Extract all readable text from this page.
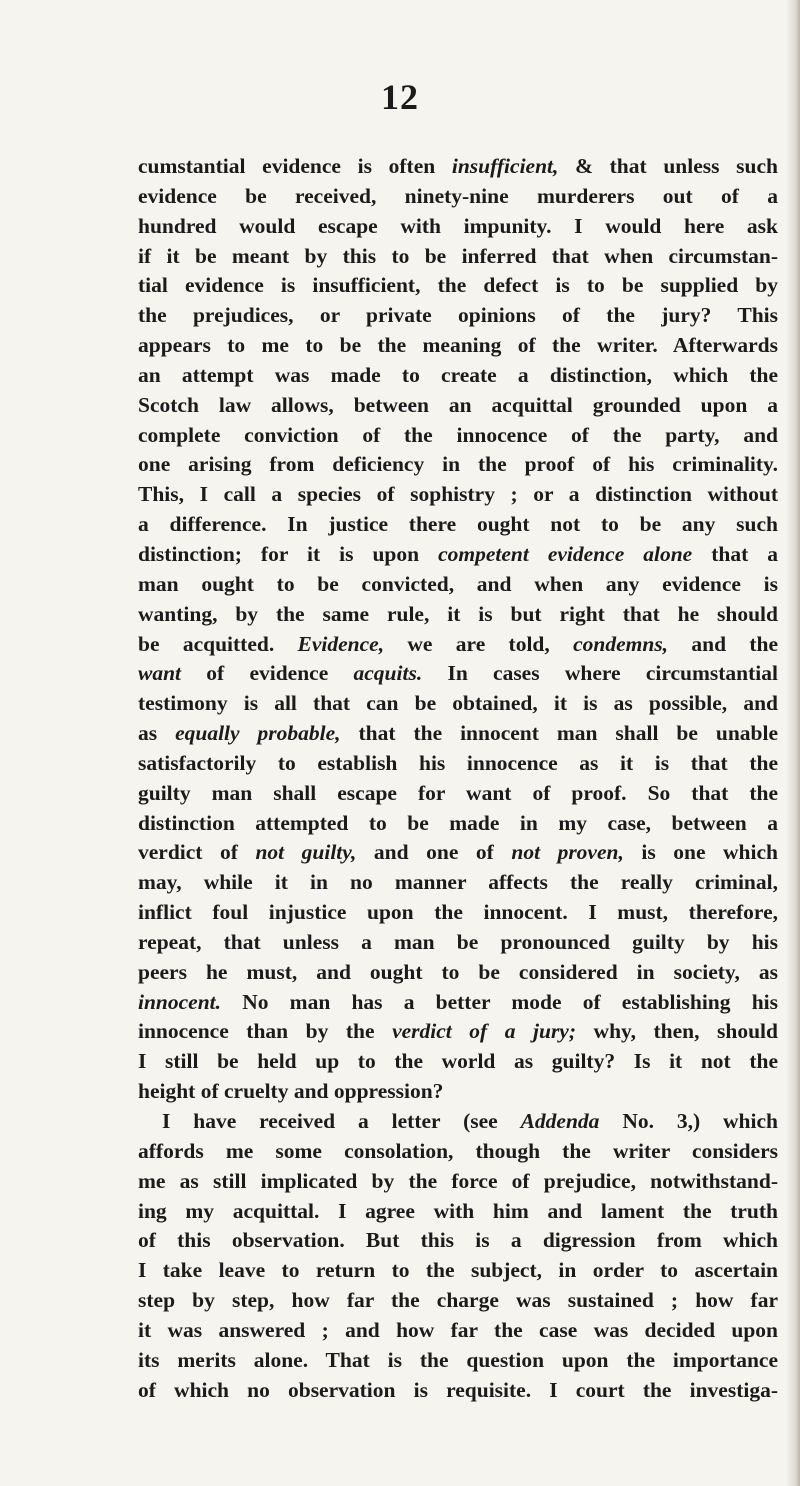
12
cumstantial evidence is often insufficient, & that unless such
evidence be received, ninety-nine murderers out of a
hundred would escape with impunity. I would here ask
if it be meant by this to be inferred that when circumstan-
tial evidence is insufficient, the defect is to be supplied by
the prejudices, or private opinions of the jury? This
appears to me to be the meaning of the writer. Afterwards
an attempt was made to create a distinction, which the
Scotch law allows, between an acquittal grounded upon a
complete conviction of the innocence of the party, and
one arising from deficiency in the proof of his criminality.
This, I call a species of sophistry ; or a distinction without
a difference. In justice there ought not to be any such
distinction; for it is upon competent evidence alone that a
man ought to be convicted, and when any evidence is
wanting, by the same rule, it is but right that he should
be acquitted. Evidence, we are told, condemns, and the
want of evidence acquits. In cases where circumstantial
testimony is all that can be obtained, it is as possible, and
as equally probable, that the innocent man shall be unable
satisfactorily to establish his innocence as it is that the
guilty man shall escape for want of proof. So that the
distinction attempted to be made in my case, between a
verdict of not guilty, and one of not proven, is one which
may, while it in no manner affects the really criminal,
inflict foul injustice upon the innocent. I must, therefore,
repeat, that unless a man be pronounced guilty by his
peers he must, and ought to be considered in society, as
innocent. No man has a better mode of establishing his
innocence than by the verdict of a jury; why, then, should
I still be held up to the world as guilty? Is it not the
height of cruelty and oppression?
I have received a letter (see Addenda No. 3,) which
affords me some consolation, though the writer considers
me as still implicated by the force of prejudice, notwithstand-
ing my acquittal. I agree with him and lament the truth
of this observation. But this is a digression from which
I take leave to return to the subject, in order to ascertain
step by step, how far the charge was sustained ; how far
it was answered ; and how far the case was decided upon
its merits alone. That is the question upon the importance
of which no observation is requisite. I court the investiga-
